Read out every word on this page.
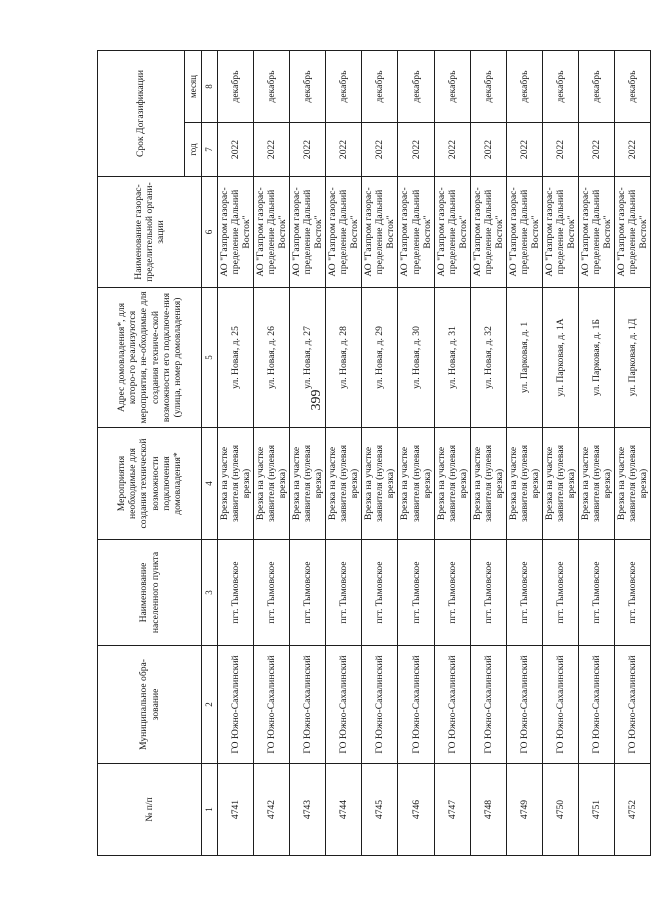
399
№ п/п	Муниципальное обра-зование	Наименование населенного пункта	Мероприятия необходимые для создания технической возможности подключения домовладения*	Адрес домовладения*, для которо-го реализуются мероприятия, не-обходимые для создания техниче-ской возможности его подключе-ния (улица, номер домовладения)	Наименование газорас-пределительной органи-зации	Срок Догазификации	
						год	месяц
1	2	3	4	5	6	7	8
4741	ГО Южно-Сахалинский	пгт. Тымовское	Врезка на участке заявителя (нулевая врезка)	ул. Новая, д. 25	АО "Газпром газорас-пределение Дальний Восток"	2022	декабрь
4742	ГО Южно-Сахалинский	пгт. Тымовское	Врезка на участке заявителя (нулевая врезка)	ул. Новая, д. 26	АО "Газпром газорас-пределение Дальний Восток"	2022	декабрь
4743	ГО Южно-Сахалинский	пгт. Тымовское	Врезка на участке заявителя (нулевая врезка)	ул. Новая, д. 27	АО "Газпром газорас-пределение Дальний Восток"	2022	декабрь
4744	ГО Южно-Сахалинский	пгт. Тымовское	Врезка на участке заявителя (нулевая врезка)	ул. Новая, д. 28	АО "Газпром газорас-пределение Дальний Восток"	2022	декабрь
4745	ГО Южно-Сахалинский	пгт. Тымовское	Врезка на участке заявителя (нулевая врезка)	ул. Новая, д. 29	АО "Газпром газорас-пределение Дальний Восток"	2022	декабрь
4746	ГО Южно-Сахалинский	пгт. Тымовское	Врезка на участке заявителя (нулевая врезка)	ул. Новая, д. 30	АО "Газпром газорас-пределение Дальний Восток"	2022	декабрь
4747	ГО Южно-Сахалинский	пгт. Тымовское	Врезка на участке заявителя (нулевая врезка)	ул. Новая, д. 31	АО "Газпром газорас-пределение Дальний Восток"	2022	декабрь
4748	ГО Южно-Сахалинский	пгт. Тымовское	Врезка на участке заявителя (нулевая врезка)	ул. Новая, д. 32	АО "Газпром газорас-пределение Дальний Восток"	2022	декабрь
4749	ГО Южно-Сахалинский	пгт. Тымовское	Врезка на участке заявителя (нулевая врезка)	ул. Парковая, д. 1	АО "Газпром газорас-пределение Дальний Восток"	2022	декабрь
4750	ГО Южно-Сахалинский	пгт. Тымовское	Врезка на участке заявителя (нулевая врезка)	ул. Парковая, д. 1А	АО "Газпром газорас-пределение Дальний Восток"	2022	декабрь
4751	ГО Южно-Сахалинский	пгт. Тымовское	Врезка на участке заявителя (нулевая врезка)	ул. Парковая, д. 1Б	АО "Газпром газорас-пределение Дальний Восток"	2022	декабрь
4752	ГО Южно-Сахалинский	пгт. Тымовское	Врезка на участке заявителя (нулевая врезка)	ул. Парковая, д. 1Д	АО "Газпром газорас-пределение Дальний Восток"	2022	декабрь
